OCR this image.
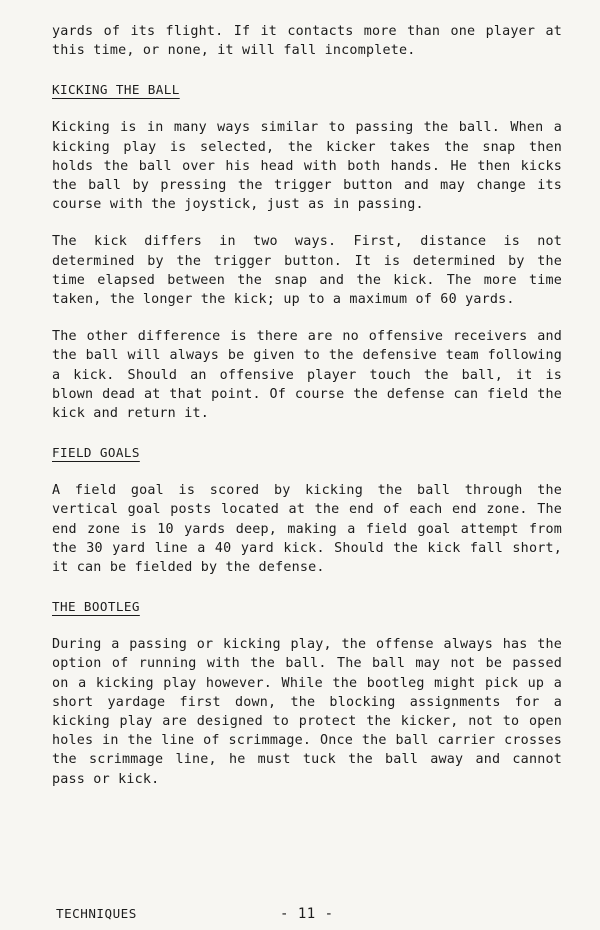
yards of its flight. If it contacts more than one player at this time, or none, it will fall incomplete.

KICKING THE BALL

Kicking is in many ways similar to passing the ball. When a kicking play is selected, the kicker takes the snap then holds the ball over his head with both hands. He then kicks the ball by pressing the trigger button and may change its course with the joystick, just as in passing.

The kick differs in two ways. First, distance is not determined by the trigger button. It is determined by the time elapsed between the snap and the kick. The more time taken, the longer the kick; up to a maximum of 60 yards.

The other difference is there are no offensive receivers and the ball will always be given to the defensive team following a kick. Should an offensive player touch the ball, it is blown dead at that point. Of course the defense can field the kick and return it.

FIELD GOALS

A field goal is scored by kicking the ball through the vertical goal posts located at the end of each end zone. The end zone is 10 yards deep, making a field goal attempt from the 30 yard line a 40 yard kick. Should the kick fall short, it can be fielded by the defense.

THE BOOTLEG

During a passing or kicking play, the offense always has the option of running with the ball. The ball may not be passed on a kicking play however. While the bootleg might pick up a short yardage first down, the blocking assignments for a kicking play are designed to protect the kicker, not to open holes in the line of scrimmage. Once the ball carrier crosses the scrimmage line, he must tuck the ball away and cannot pass or kick.

TECHNIQUES	- 11 -
